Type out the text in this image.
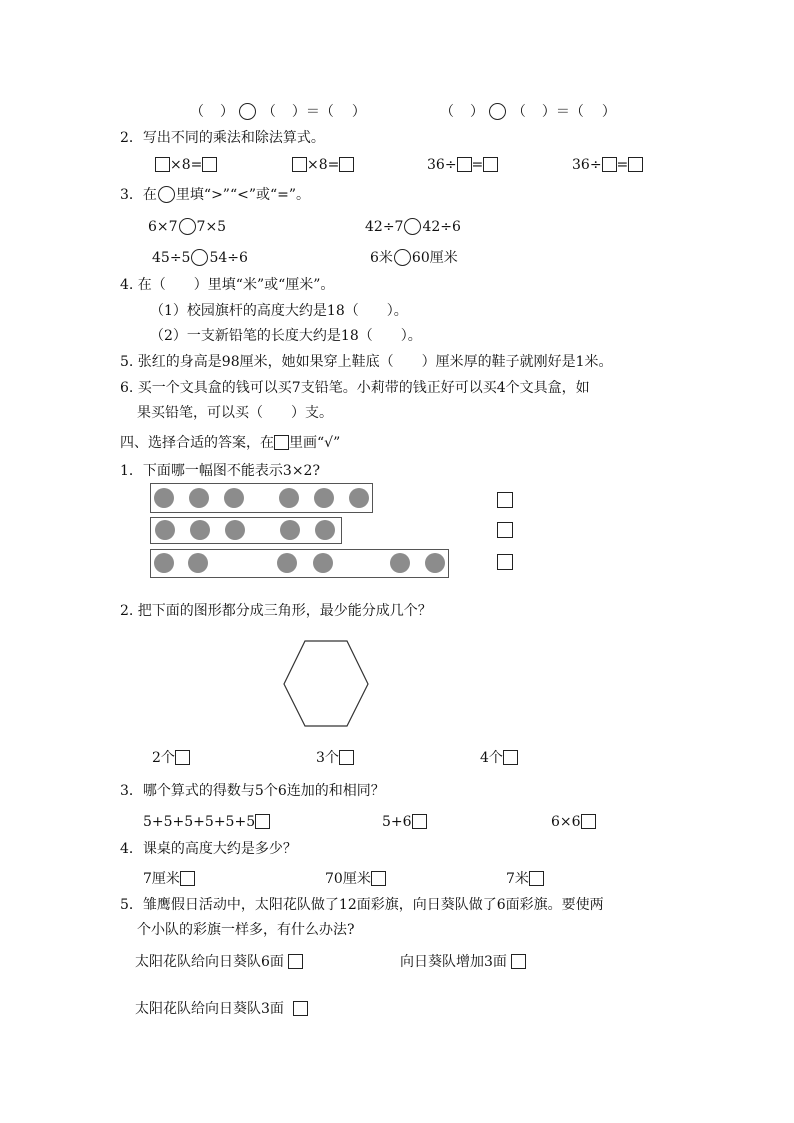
（ ） （ ）＝（ ）	（ ） （ ）＝（ ）
2．写出不同的乘法和除法算式。
×8=	×8=	36÷ =	36÷ =
3．在 里填“>”“<”或“=”。
6×7 7×5	42÷7 42÷6
45÷5 54÷6	6米 60厘米
4. 在（　　）里填“米”或“厘米”。
（1）校园旗杆的高度大约是18（　　）。
（2）一支新铅笔的长度大约是18（　　）。
5. 张红的身高是98厘米，她如果穿上鞋底（　　）厘米厚的鞋子就刚好是1米。
6. 买一个文具盒的钱可以买7支铅笔。小莉带的钱正好可以买4个文具盒，如
果买铅笔，可以买（　　）支。
四、选择合适的答案，在 里画“√”
1．下面哪一幅图不能表示3×2?
2. 把下面的图形都分成三角形，最少能分成几个？
2个	3个	4个
3．哪个算式的得数与5个6连加的和相同？
5+5+5+5+5+5	5+6	6×6
4．课桌的高度大约是多少？
7厘米	70厘米	7米
5．雏鹰假日活动中，太阳花队做了12面彩旗，向日葵队做了6面彩旗。要使两
个小队的彩旗一样多，有什么办法?
太阳花队给向日葵队6面	向日葵队增加3面
太阳花队给向日葵队3面
